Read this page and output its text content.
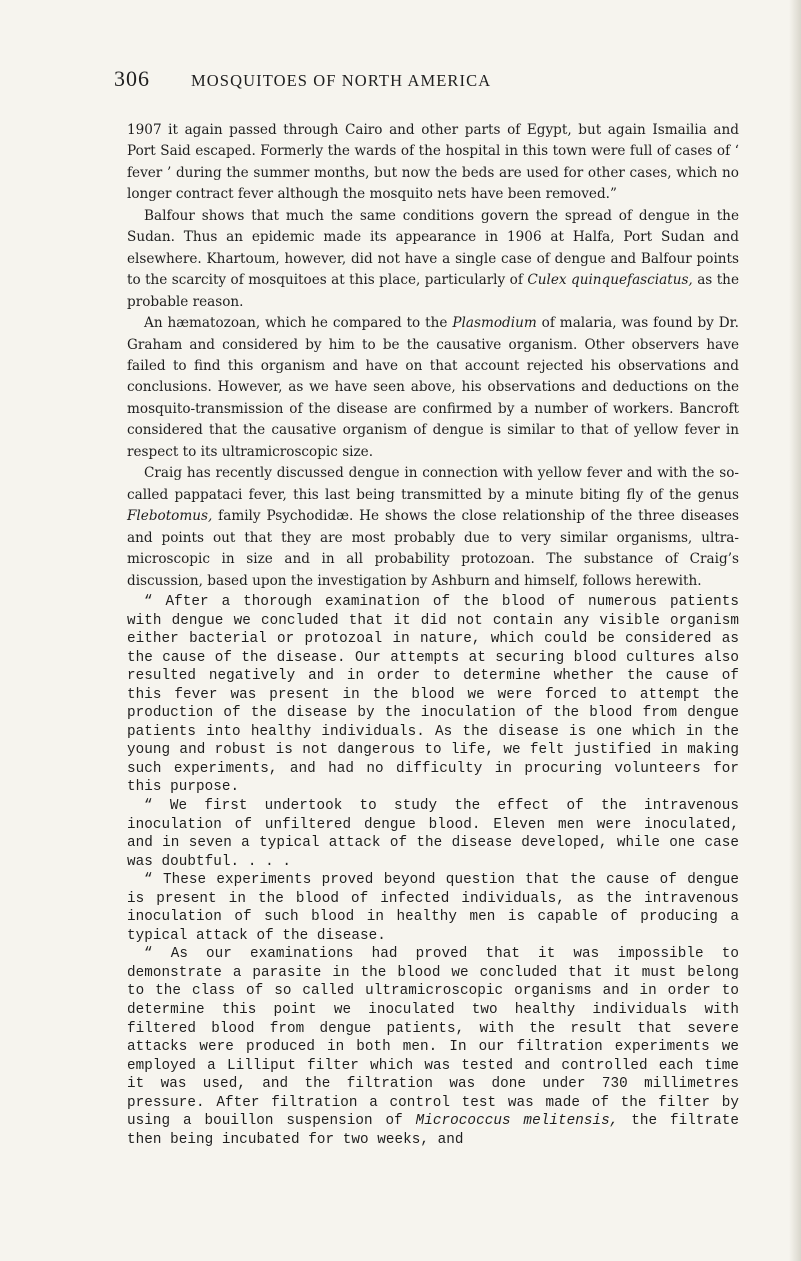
306 MOSQUITOES OF NORTH AMERICA

1907 it again passed through Cairo and other parts of Egypt, but again Ismailia and Port Said escaped. Formerly the wards of the hospital in this town were full of cases of ‘ fever ’ during the summer months, but now the beds are used for other cases, which no longer contract fever although the mosquito nets have been removed.”

Balfour shows that much the same conditions govern the spread of dengue in the Sudan. Thus an epidemic made its appearance in 1906 at Halfa, Port Sudan and elsewhere. Khartoum, however, did not have a single case of dengue and Balfour points to the scarcity of mosquitoes at this place, particularly of Culex quinquefasciatus, as the probable reason.

An hæmatozoan, which he compared to the Plasmodium of malaria, was found by Dr. Graham and considered by him to be the causative organism. Other observers have failed to find this organism and have on that account rejected his observations and conclusions. However, as we have seen above, his observations and deductions on the mosquito-transmission of the disease are confirmed by a number of workers. Bancroft considered that the causative organism of dengue is similar to that of yellow fever in respect to its ultramicroscopic size.

Craig has recently discussed dengue in connection with yellow fever and with the so-called pappataci fever, this last being transmitted by a minute biting fly of the genus Flebotomus, family Psychodidæ. He shows the close relationship of the three diseases and points out that they are most probably due to very similar organisms, ultra-microscopic in size and in all probability protozoan. The substance of Craig’s discussion, based upon the investigation by Ashburn and himself, follows herewith.

“ After a thorough examination of the blood of numerous patients with dengue we concluded that it did not contain any visible organism either bacterial or protozoal in nature, which could be considered as the cause of the disease. Our attempts at securing blood cultures also resulted negatively and in order to determine whether the cause of this fever was present in the blood we were forced to attempt the production of the disease by the inoculation of the blood from dengue patients into healthy individuals. As the disease is one which in the young and robust is not dangerous to life, we felt justified in making such experiments, and had no difficulty in procuring volunteers for this purpose.

“ We first undertook to study the effect of the intravenous inoculation of unfiltered dengue blood. Eleven men were inoculated, and in seven a typical attack of the disease developed, while one case was doubtful. . . .

“ These experiments proved beyond question that the cause of dengue is present in the blood of infected individuals, as the intravenous inoculation of such blood in healthy men is capable of producing a typical attack of the disease.

“ As our examinations had proved that it was impossible to demonstrate a parasite in the blood we concluded that it must belong to the class of so called ultramicroscopic organisms and in order to determine this point we inoculated two healthy individuals with filtered blood from dengue patients, with the result that severe attacks were produced in both men. In our filtration experiments we employed a Lilliput filter which was tested and controlled each time it was used, and the filtration was done under 730 millimetres pressure. After filtration a control test was made of the filter by using a bouillon suspension of Micrococcus melitensis, the filtrate then being incubated for two weeks, and
